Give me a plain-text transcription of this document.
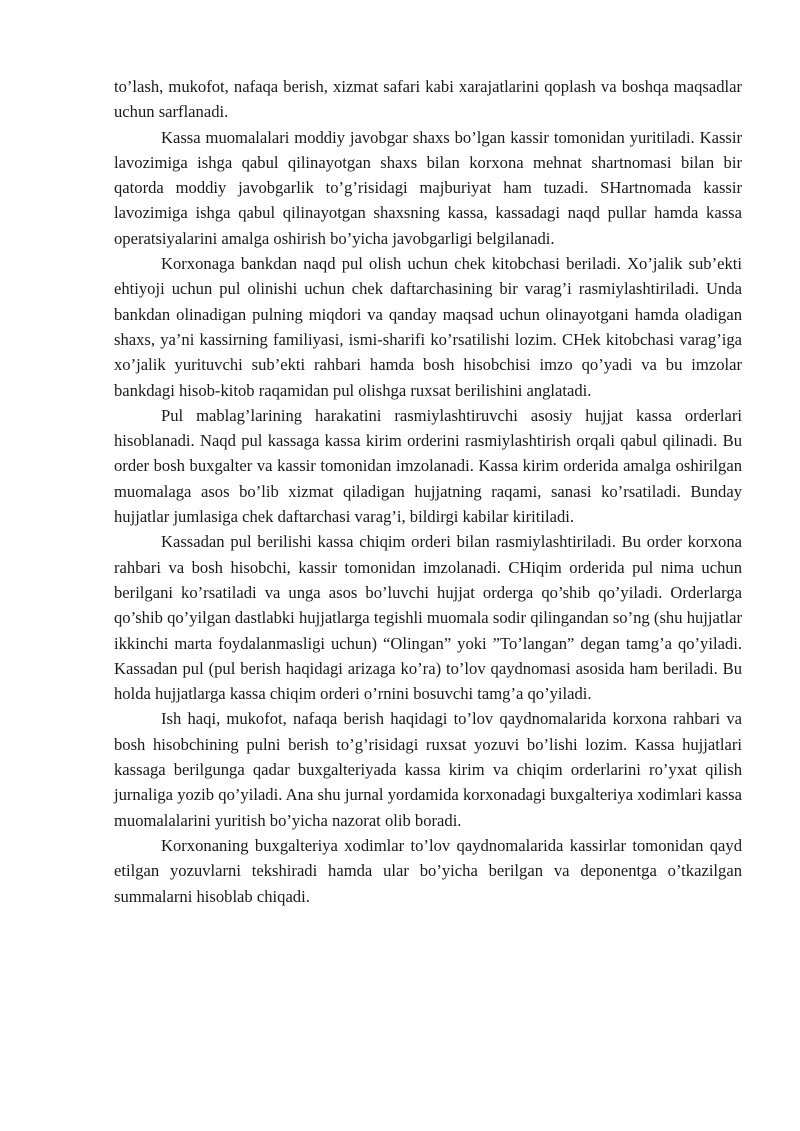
to’lash, mukofot, nafaqa berish, xizmat safari kabi xarajatlarini qoplash va boshqa maqsadlar uchun sarflanadi.

Kassa muomalalari moddiy javobgar shaxs bo’lgan kassir tomonidan yuritiladi. Kassir lavozimiga ishga qabul qilinayotgan shaxs bilan korxona mehnat shartnomasi bilan bir qatorda moddiy javobgarlik to’g’risidagi majburiyat ham tuzadi. SHartnomada kassir lavozimiga ishga qabul qilinayotgan shaxsning kassa, kassadagi naqd pullar hamda kassa operatsiyalarini amalga oshirish bo’yicha javobgarligi belgilanadi.

Korxonaga bankdan naqd pul olish uchun chek kitobchasi beriladi. Xo’jalik sub’ekti ehtiyoji uchun pul olinishi uchun chek daftarchasining bir varag’i rasmiylashtiriladi. Unda bankdan olinadigan pulning miqdori va qanday maqsad uchun olinayotgani hamda oladigan shaxs, ya’ni kassirning familiyasi, ismi-sharifi ko’rsatilishi lozim. CHek kitobchasi varag’iga xo’jalik yurituvchi sub’ekti rahbari hamda bosh hisobchisi imzo qo’yadi va bu imzolar bankdagi hisob-kitob raqamidan pul olishga ruxsat berilishini anglatadi.

Pul mablag’larining harakatini rasmiylashtiruvchi asosiy hujjat kassa orderlari hisoblanadi. Naqd pul kassaga kassa kirim orderini rasmiylashtirish orqali qabul qilinadi. Bu order bosh buxgalter va kassir tomonidan imzolanadi. Kassa kirim orderida amalga oshirilgan muomalaga asos bo’lib xizmat qiladigan hujjatning raqami, sanasi ko’rsatiladi. Bunday hujjatlar jumlasiga chek daftarchasi varag’i, bildirgi kabilar kiritiladi.

Kassadan pul berilishi kassa chiqim orderi bilan rasmiylashtiriladi. Bu order korxona rahbari va bosh hisobchi, kassir tomonidan imzolanadi. CHiqim orderida pul nima uchun berilgani ko’rsatiladi va unga asos bo’luvchi hujjat orderga qo’shib qo’yiladi. Orderlarga qo’shib qo’yilgan dastlabki hujjatlarga tegishli muomala sodir qilingandan so’ng (shu hujjatlar ikkinchi marta foydalanmasligi uchun) “Olingan” yoki ”To’langan” degan tamg’a qo’yiladi. Kassadan pul (pul berish haqidagi arizaga ko’ra) to’lov qaydnomasi asosida ham beriladi. Bu holda hujjatlarga kassa chiqim orderi o’rnini bosuvchi tamg’a qo’yiladi.

Ish haqi, mukofot, nafaqa berish haqidagi to’lov qaydnomalarida korxona rahbari va bosh hisobchining pulni berish to’g’risidagi ruxsat yozuvi bo’lishi lozim. Kassa hujjatlari kassaga berilgunga qadar buxgalteriyada kassa kirim va chiqim orderlarini ro’yxat qilish jurnaliga yozib qo’yiladi. Ana shu jurnal yordamida korxonadagi buxgalteriya xodimlari kassa muomalalarini yuritish bo’yicha nazorat olib boradi.

Korxonaning buxgalteriya xodimlar to’lov qaydnomalarida kassirlar tomonidan qayd etilgan yozuvlarni tekshiradi hamda ular bo’yicha berilgan va deponentga o’tkazilgan summalarni hisoblab chiqadi.
